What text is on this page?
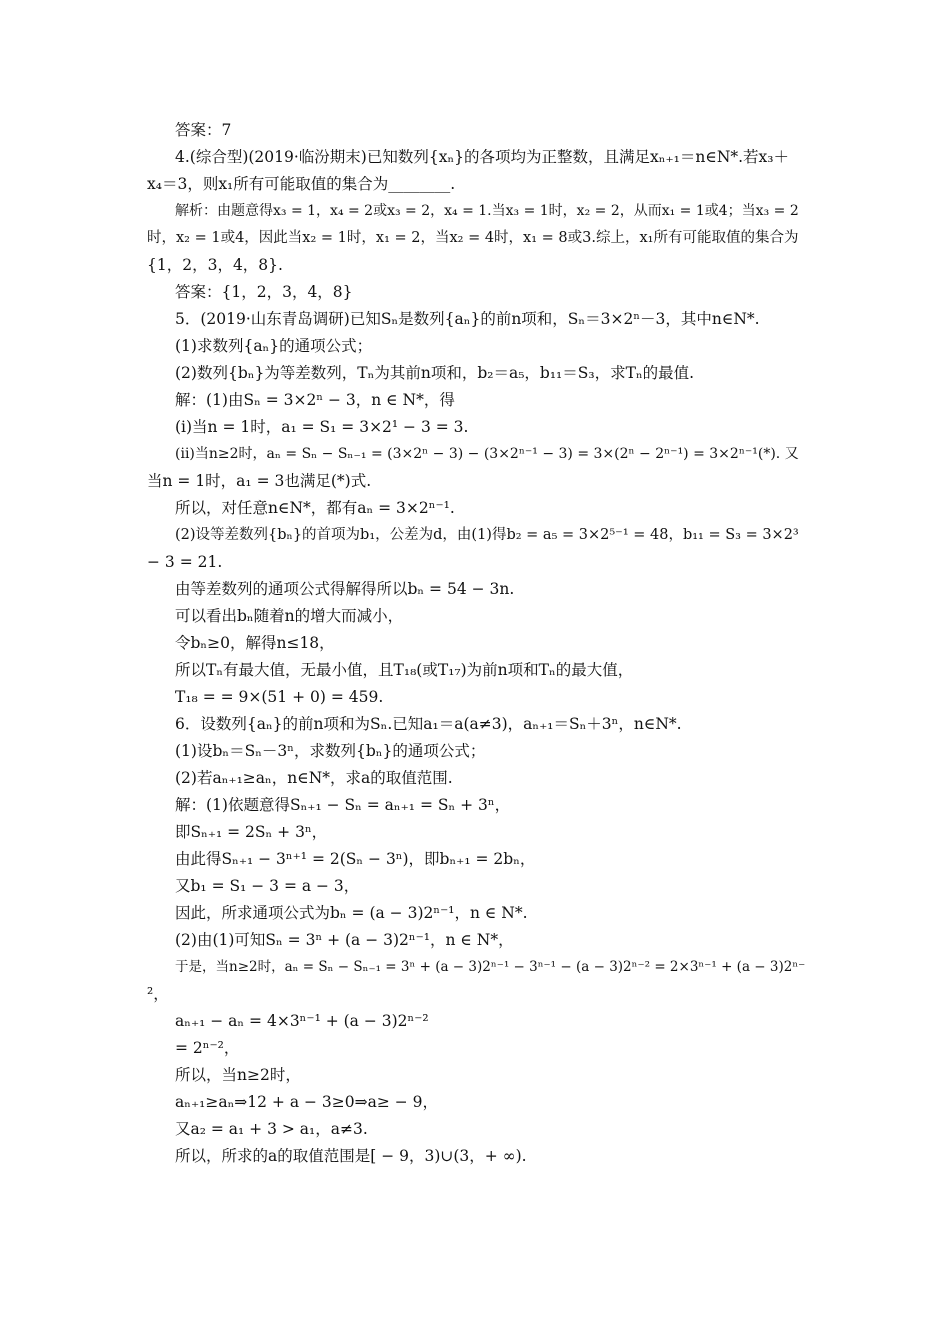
答案：7
4.(综合型)(2019·临汾期末)已知数列{xₙ}的各项均为正整数，且满足xₙ₊₁＝n∈N*.若x₃＋
x₄＝3，则x₁所有可能取值的集合为________.
解析：由题意得x₃ = 1，x₄ = 2或x₃ = 2，x₄ = 1.当x₃ = 1时，x₂ = 2，从而x₁ = 1或4；当x₃ = 2
时，x₂ = 1或4，因此当x₂ = 1时，x₁ = 2，当x₂ = 4时，x₁ = 8或3.综上，x₁所有可能取值的集合为
{1，2，3，4，8}.
答案：{1，2，3，4，8}
5．(2019·山东青岛调研)已知Sₙ是数列{aₙ}的前n项和，Sₙ＝3×2ⁿ－3，其中n∈N*.
(1)求数列{aₙ}的通项公式；
(2)数列{bₙ}为等差数列，Tₙ为其前n项和，b₂＝a₅，b₁₁＝S₃，求Tₙ的最值.
解：(1)由Sₙ = 3×2ⁿ − 3，n ∈ N*，得
(ⅰ)当n = 1时，a₁ = S₁ = 3×2¹ − 3 = 3.
(ⅱ)当n≥2时，aₙ = Sₙ − Sₙ₋₁ = (3×2ⁿ − 3) − (3×2ⁿ⁻¹ − 3) = 3×(2ⁿ − 2ⁿ⁻¹) = 3×2ⁿ⁻¹(*). 又
当n = 1时，a₁ = 3也满足(*)式.
所以，对任意n∈N*，都有aₙ = 3×2ⁿ⁻¹.
(2)设等差数列{bₙ}的首项为b₁，公差为d，由(1)得b₂ = a₅ = 3×2⁵⁻¹ = 48，b₁₁ = S₃ = 3×2³
− 3 = 21.
由等差数列的通项公式得解得所以bₙ = 54 − 3n.
可以看出bₙ随着n的增大而减小，
令bₙ≥0，解得n≤18，
所以Tₙ有最大值，无最小值，且T₁₈(或T₁₇)为前n项和Tₙ的最大值，
T₁₈ = = 9×(51 + 0) = 459.
6．设数列{aₙ}的前n项和为Sₙ.已知a₁＝a(a≠3)，aₙ₊₁＝Sₙ＋3ⁿ，n∈N*.
(1)设bₙ＝Sₙ－3ⁿ，求数列{bₙ}的通项公式；
(2)若aₙ₊₁≥aₙ，n∈N*，求a的取值范围.
解：(1)依题意得Sₙ₊₁ − Sₙ = aₙ₊₁ = Sₙ + 3ⁿ，
即Sₙ₊₁ = 2Sₙ + 3ⁿ，
由此得Sₙ₊₁ − 3ⁿ⁺¹ = 2(Sₙ − 3ⁿ)，即bₙ₊₁ = 2bₙ，
又b₁ = S₁ − 3 = a − 3，
因此，所求通项公式为bₙ = (a − 3)2ⁿ⁻¹，n ∈ N*.
(2)由(1)可知Sₙ = 3ⁿ + (a − 3)2ⁿ⁻¹，n ∈ N*，
于是，当n≥2时，aₙ = Sₙ − Sₙ₋₁ = 3ⁿ + (a − 3)2ⁿ⁻¹ − 3ⁿ⁻¹ − (a − 3)2ⁿ⁻² = 2×3ⁿ⁻¹ + (a − 3)2ⁿ⁻
²，
aₙ₊₁ − aₙ = 4×3ⁿ⁻¹ + (a − 3)2ⁿ⁻²
= 2ⁿ⁻²，
所以，当n≥2时，
aₙ₊₁≥aₙ⇒12 + a − 3≥0⇒a≥ − 9，
又a₂ = a₁ + 3 > a₁，a≠3.
所以，所求的a的取值范围是[ − 9，3)∪(3，+ ∞).
